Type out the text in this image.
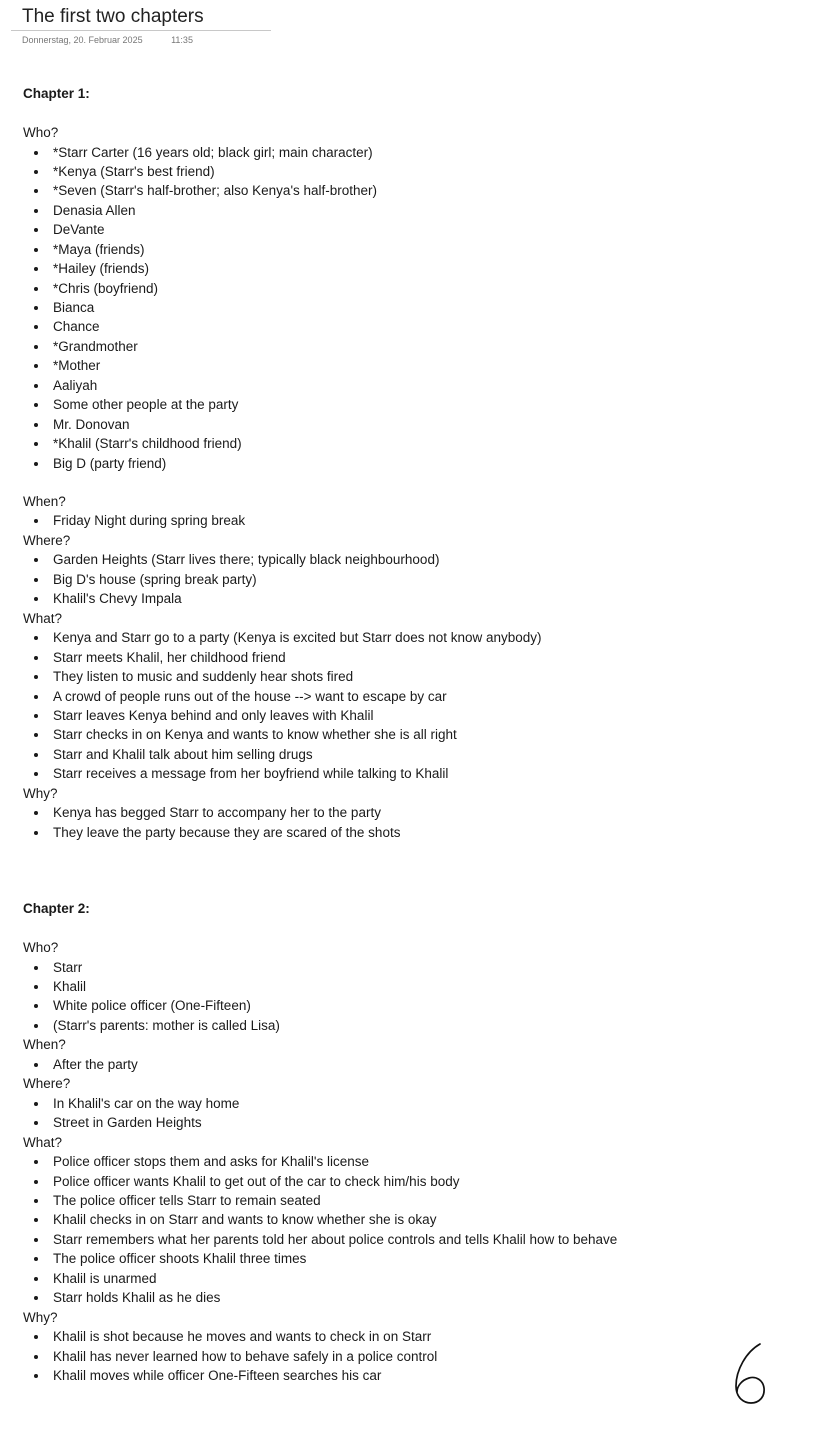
The first two chapters
Donnerstag, 20. Februar 2025	11:35
Chapter 1:
Who?
*Starr Carter (16 years old; black girl; main character)
*Kenya (Starr's best friend)
*Seven (Starr's half-brother; also Kenya's half-brother)
Denasia Allen
DeVante
*Maya (friends)
*Hailey (friends)
*Chris (boyfriend)
Bianca
Chance
*Grandmother
*Mother
Aaliyah
Some other people at the party
Mr. Donovan
*Khalil (Starr's childhood friend)
Big D (party friend)
When?
Friday Night during spring break
Where?
Garden Heights (Starr lives there; typically black neighbourhood)
Big D's house (spring break party)
Khalil's Chevy Impala
What?
Kenya and Starr go to a party (Kenya is excited but Starr does not know anybody)
Starr meets Khalil, her childhood friend
They listen to music and suddenly hear shots fired
A crowd of people runs out of the house --> want to escape by car
Starr leaves Kenya behind and only leaves with Khalil
Starr checks in on Kenya and wants to know whether she is all right
Starr and Khalil talk about him selling drugs
Starr receives a message from her boyfriend while talking to Khalil
Why?
Kenya has begged Starr to accompany her to the party
They leave the party because they are scared of the shots
Chapter 2:
Who?
Starr
Khalil
White police officer (One-Fifteen)
(Starr's parents: mother is called Lisa)
When?
After the party
Where?
In Khalil's car on the way home
Street in Garden Heights
What?
Police officer stops them and asks for Khalil's license
Police officer wants Khalil to get out of the car to check him/his body
The police officer tells Starr to remain seated
Khalil checks in on Starr and wants to know whether she is okay
Starr remembers what her parents told her about police controls and tells Khalil how to behave
The police officer shoots Khalil three times
Khalil is unarmed
Starr holds Khalil as he dies
Why?
Khalil is shot because he moves and wants to check in on Starr
Khalil has never learned how to behave safely in a police control
Khalil moves while officer One-Fifteen searches his car
